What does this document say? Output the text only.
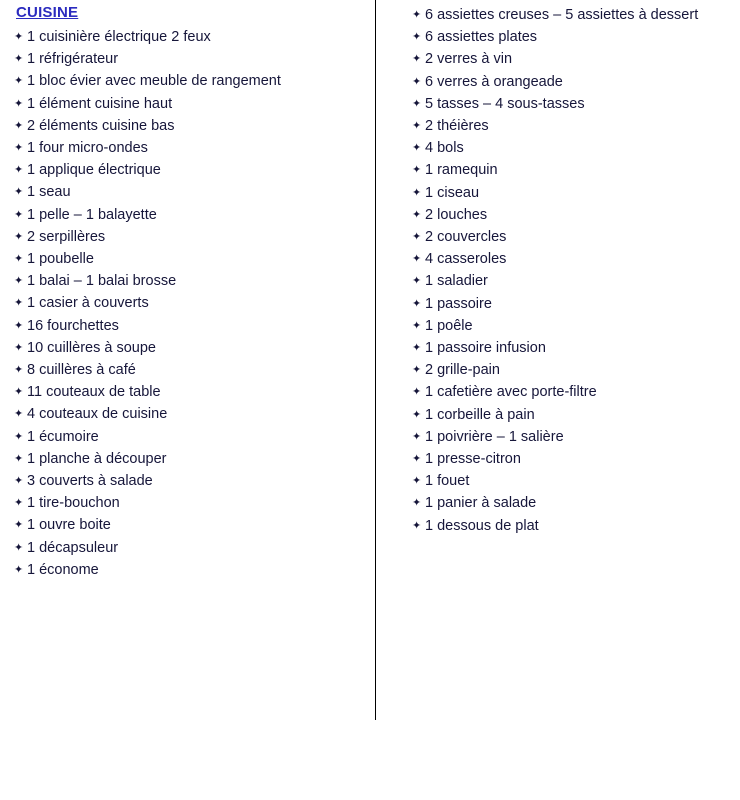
CUISINE
✦ 1 cuisinière électrique 2 feux
✦ 1 réfrigérateur
✦ 1 bloc évier avec meuble de rangement
✦ 1 élément cuisine haut
✦ 2 éléments cuisine bas
✦ 1 four micro-ondes
✦ 1 applique électrique
✦ 1 seau
✦ 1 pelle – 1 balayette
✦ 2 serpillères
✦ 1 poubelle
✦ 1 balai – 1 balai brosse
✦ 1 casier à couverts
✦ 16 fourchettes
✦ 10 cuillères à soupe
✦ 8 cuillères à café
✦ 11 couteaux de table
✦ 4 couteaux de cuisine
✦ 1 écumoire
✦ 1 planche à découper
✦ 3 couverts à salade
✦ 1 tire-bouchon
✦ 1 ouvre boite
✦ 1 décapsuleur
✦ 1 économe
✦ 6 assiettes creuses – 5 assiettes à dessert
✦ 6 assiettes plates
✦ 2 verres à vin
✦ 6 verres à orangeade
✦ 5 tasses – 4 sous-tasses
✦ 2 théières
✦ 4 bols
✦ 1 ramequin
✦ 1 ciseau
✦ 2 louches
✦ 2 couvercles
✦ 4 casseroles
✦ 1 saladier
✦ 1 passoire
✦ 1 poêle
✦ 1 passoire infusion
✦ 2 grille-pain
✦ 1 cafetière avec porte-filtre
✦ 1 corbeille à pain
✦ 1 poivrière – 1 salière
✦ 1 presse-citron
✦ 1 fouet
✦ 1 panier à salade
✦ 1 dessous de plat
